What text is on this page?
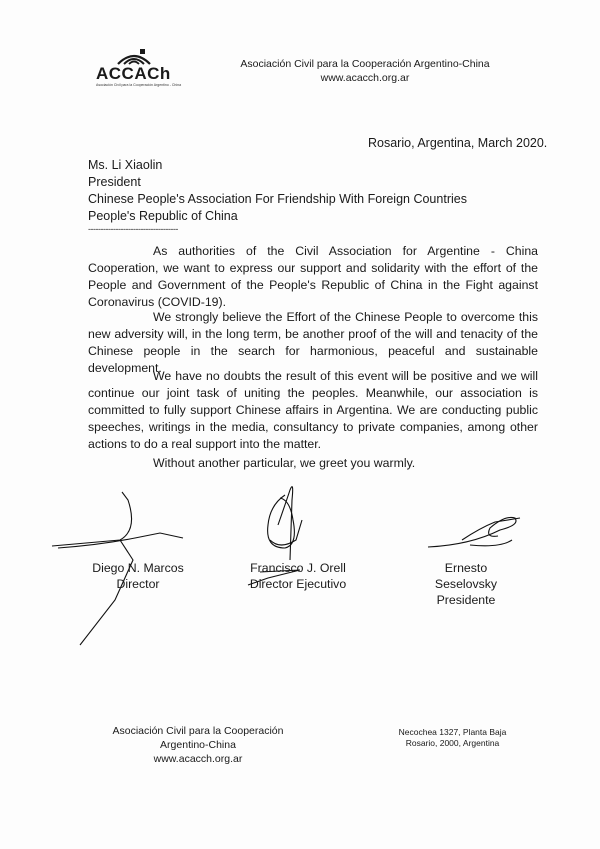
ACCACh
Asociación Civil para la Cooperación Argentino - China
Asociación Civil para la Cooperación Argentino-China
www.acacch.org.ar
Rosario, Argentina, March 2020.
Ms. Li Xiaolin
President
Chinese People's Association For Friendship With Foreign Countries
People's Republic of China
------------------------------------
As authorities of the Civil Association for Argentine - China Cooperation, we want to express our support and solidarity with the effort of the People and Government of the People's Republic of China in the Fight against Coronavirus (COVID-19).
We strongly believe the Effort of the Chinese People to overcome this new adversity will, in the long term, be another proof of the will and tenacity of the Chinese people in the search for harmonious, peaceful and sustainable development.
We have no doubts the result of this event will be positive and we will continue our joint task of uniting the peoples. Meanwhile, our association is committed to fully support Chinese affairs in Argentina. We are conducting public speeches, writings in the media, consultancy to private companies, among other actions to do a real support into the matter.
Without another particular, we greet you warmly.
Diego N. Marcos
Director
Francisco J. Orell
Director Ejecutivo
Ernesto Seselovsky
Presidente
Asociación Civil para la Cooperación Argentino-China
www.acacch.org.ar
Necochea 1327, Planta Baja
Rosario, 2000, Argentina
